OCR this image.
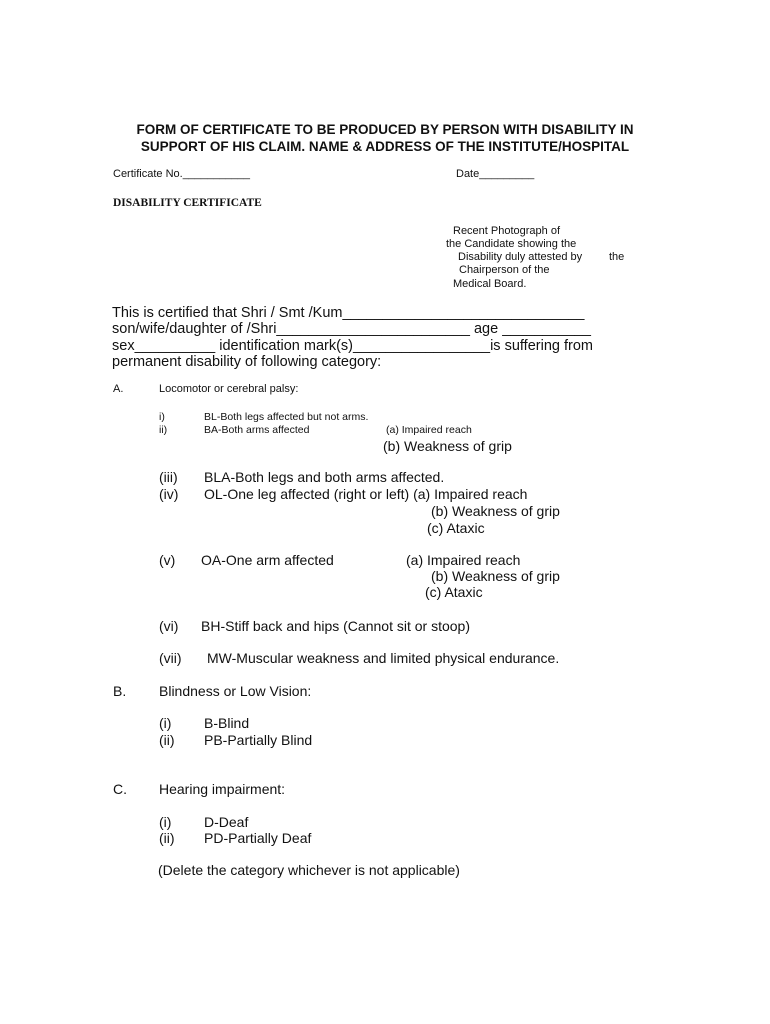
FORM OF CERTIFICATE TO BE PRODUCED BY PERSON WITH DISABILITY IN
SUPPORT OF HIS CLAIM. NAME & ADDRESS OF THE INSTITUTE/HOSPITAL
Certificate No.___________	Date_________
DISABILITY CERTIFICATE
Recent Photograph of
the Candidate showing the
Disability duly attested by the
Chairperson of the
Medical Board.
This is certified that Shri / Smt /Kum______________________________
son/wife/daughter of /Shri________________________ age ___________
sex__________ identification mark(s)_________________is suffering from
permanent disability of following category:
A.	Locomotor or cerebral palsy:
i)	BL-Both legs affected but not arms.
ii)	BA-Both arms affected	(a) Impaired reach
(b) Weakness of grip
(iii) BLA-Both legs and both arms affected.
(iv) OL-One leg affected (right or left) (a) Impaired reach
(b) Weakness of grip
(c) Ataxic
(v) OA-One arm affected	(a) Impaired reach
(b) Weakness of grip
(c) Ataxic
(vi) BH-Stiff back and hips (Cannot sit or stoop)
(vii) MW-Muscular weakness and limited physical endurance.
B. Blindness or Low Vision:
(i) B-Blind
(ii) PB-Partially Blind
C. Hearing impairment:
(i) D-Deaf
(ii) PD-Partially Deaf
(Delete the category whichever is not applicable)
